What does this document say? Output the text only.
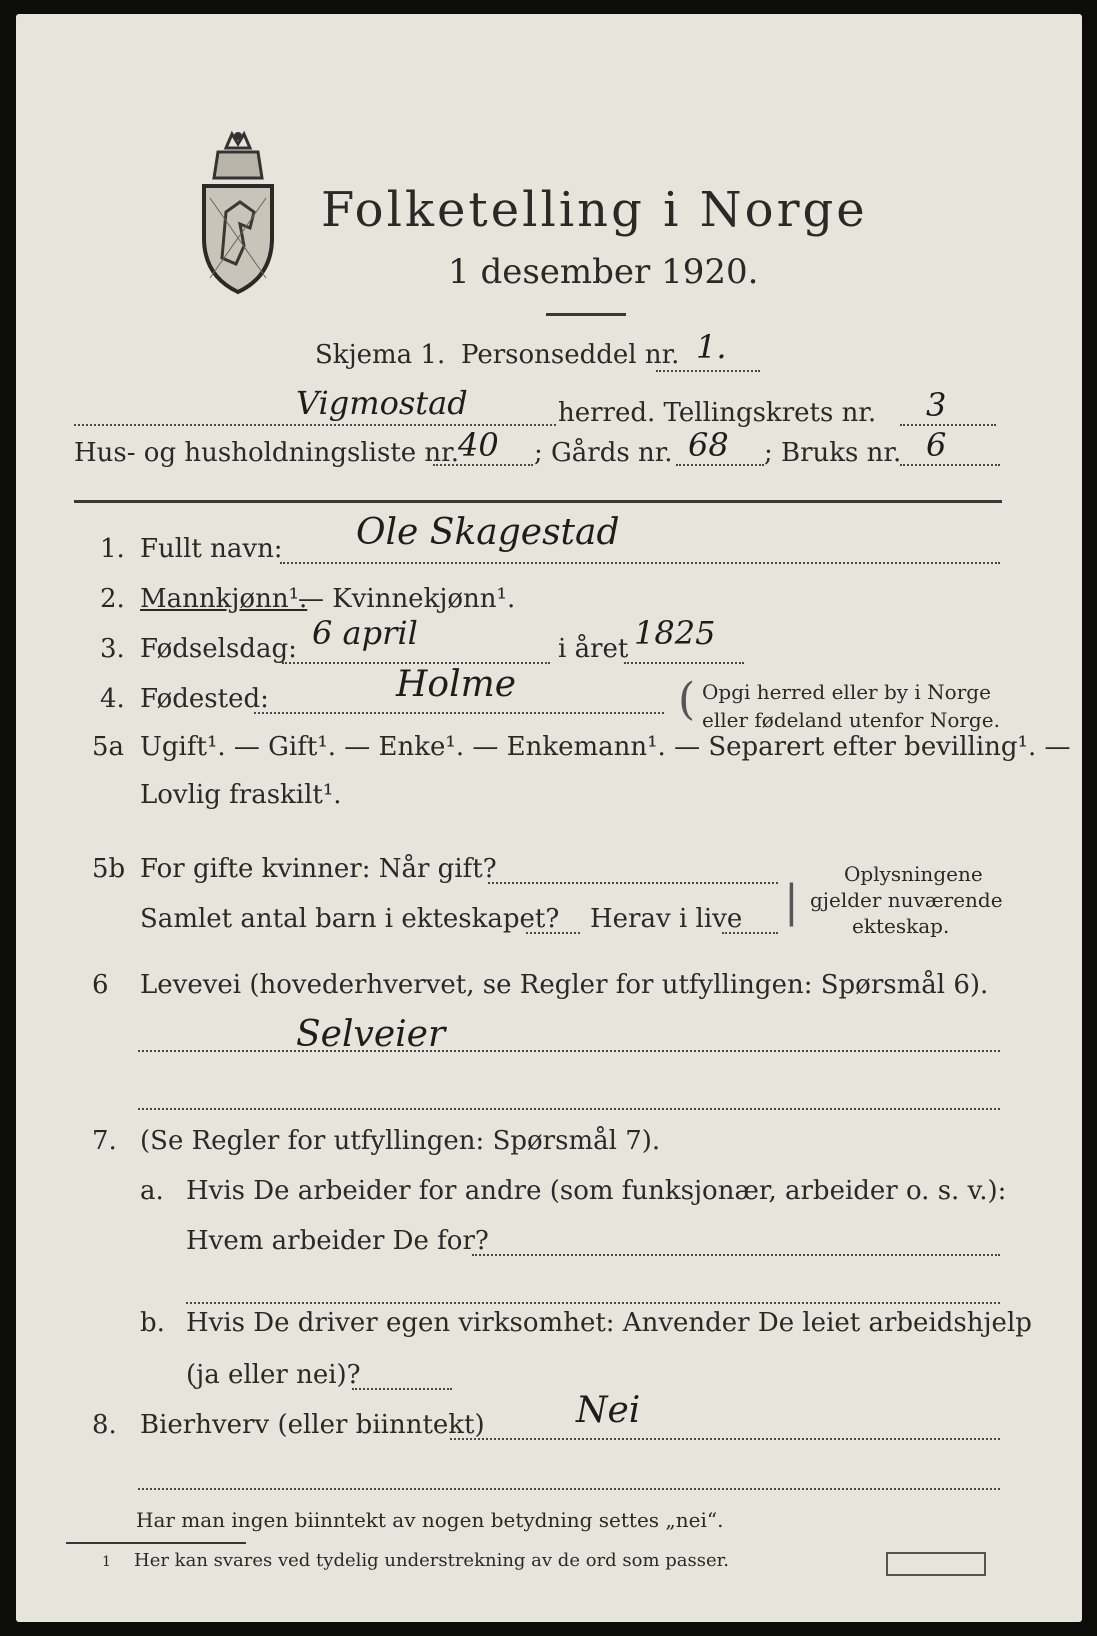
Folketelling i Norge
1 desember 1920.
Skjema 1. Personseddel nr. 1.
Vigmostad	herred. Tellingskrets nr. 3
Hus- og husholdningsliste nr.
40 ; Gårds nr. 68 ; Bruks nr. 6
1. Fullt navn: Ole Skagestad
2. Mannkjønn¹.
— Kvinnekjønn¹.
3. Fødselsdag: 6 april	i året 1825
4. Fødested:	Holme	( Opgi herred eller by i Norge
eller fødeland utenfor Norge.
5a Ugift¹. — Gift¹. — Enke¹. — Enkemann¹. — Separert efter bevilling¹. —
Lovlig fraskilt¹.
5b For gifte kvinner: Når gift?
Samlet antal barn i ekteskapet? Herav i live |
Oplysningene
gjelder nuværende
ekteskap.
6 Levevei (hovederhvervet, se Regler for utfyllingen: Spørsmål 6).
Selveier
7. (Se Regler for utfyllingen: Spørsmål 7).
a. Hvis De arbeider for andre (som funksjonær, arbeider o. s. v.):
Hvem arbeider De for?
b. Hvis De driver egen virksomhet: Anvender De leiet arbeidshjelp
(ja eller nei)?
8. Bierhverv (eller biinntekt)	Nei
Har man ingen biinntekt av nogen betydning settes „nei“.
1 Her kan svares ved tydelig understrekning av de ord som passer.
